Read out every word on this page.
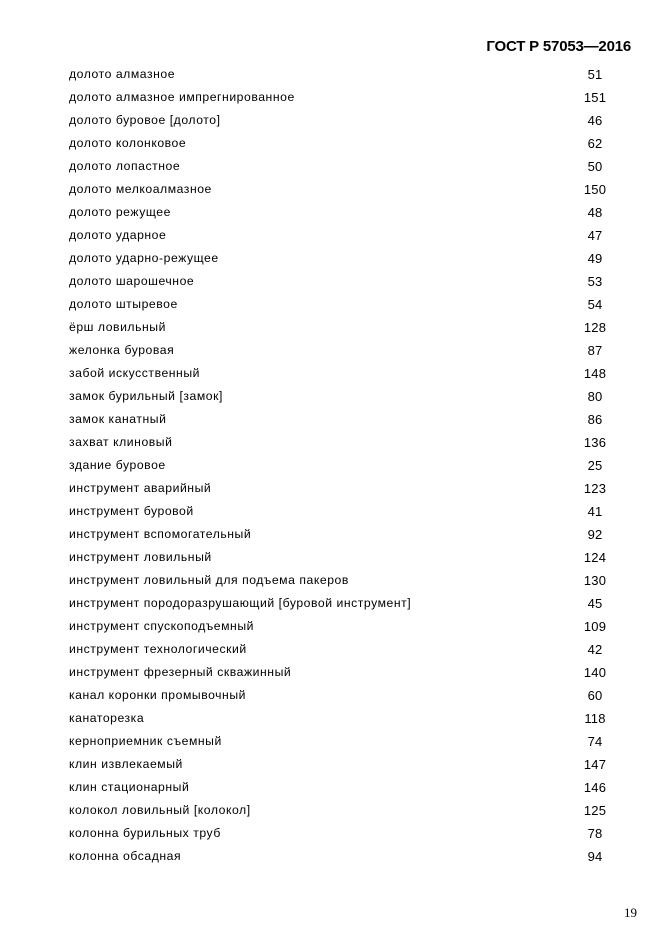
ГОСТ Р 57053—2016
долото алмазное	51
долото алмазное импрегнированное	151
долото буровое [долото]	46
долото колонковое	62
долото лопастное	50
долото мелкоалмазное	150
долото режущее	48
долото ударное	47
долото ударно-режущее	49
долото шарошечное	53
долото штыревое	54
ёрш ловильный	128
желонка буровая	87
забой искусственный	148
замок бурильный [замок]	80
замок канатный	86
захват клиновый	136
здание буровое	25
инструмент аварийный	123
инструмент буровой	41
инструмент вспомогательный	92
инструмент ловильный	124
инструмент ловильный для подъема пакеров	130
инструмент породоразрушающий [буровой инструмент]	45
инструмент спускоподъемный	109
инструмент технологический	42
инструмент фрезерный скважинный	140
канал коронки промывочный	60
канаторезка	118
керноприемник съемный	74
клин извлекаемый	147
клин стационарный	146
колокол ловильный [колокол]	125
колонна бурильных труб	78
колонна обсадная	94
19
